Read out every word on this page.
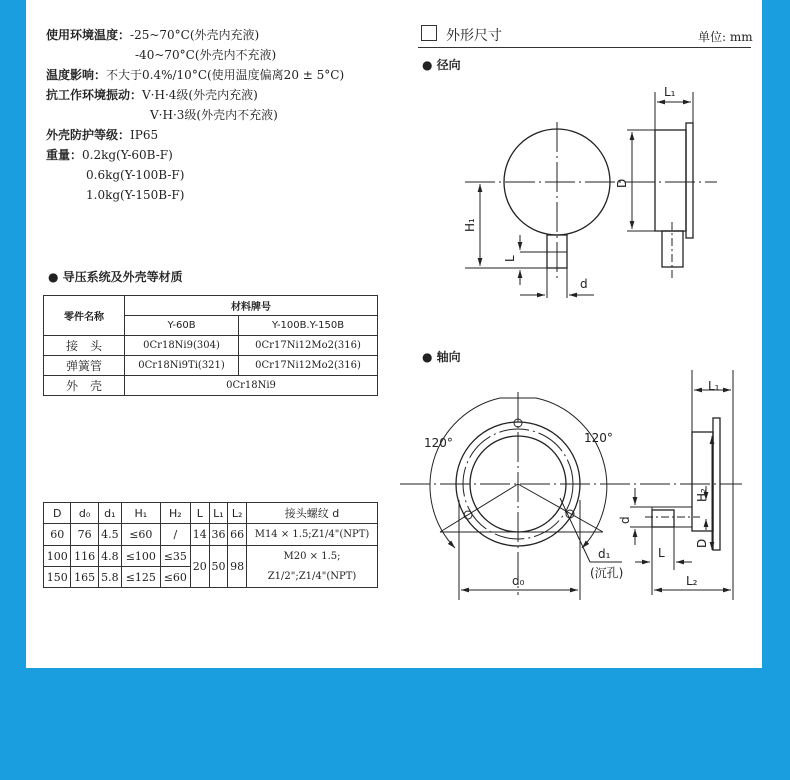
使用环境温度：-25~70°C(外壳内充液)
-40~70°C(外壳内不充液)
温度影响：不大于0.4%/10°C(使用温度偏离20 ± 5°C)
抗工作环境振动：V·H·4级(外壳内充液)
V·H·3级(外壳内不充液)
外壳防护等级：IP65
重量：0.2kg(Y-60B-F)
0.6kg(Y-100B-F)
1.0kg(Y-150B-F)
● 导压系统及外壳等材质
零件名称	材料牌号	
	Y-60B	Y-100B.Y-150B
接　头	0Cr18Ni9(304)	0Cr17Ni12Mo2(316)
弹簧管	0Cr18Ni9Ti(321)	0Cr17Ni12Mo2(316)
外　壳	0Cr18Ni9	
D	d₀	d₁	H₁	H₂	L	L₁	L₂	接头螺纹 d
60	76	4.5	≤60	/	14	36	66	M14 × 1.5;Z1/4"(NPT)
100	116	4.8	≤100	≤35	20	50	98	M20 × 1.5;
150	165	5.8	≤125	≤60				Z1/2";Z1/4"(NPT)
外形尺寸	单位: mm
● 径向
● 轴向
L₁
D
H₁
L
d
120°	120°
L₁
D
H₂
d
L
L₂
d₁
(沉孔)
d₀
